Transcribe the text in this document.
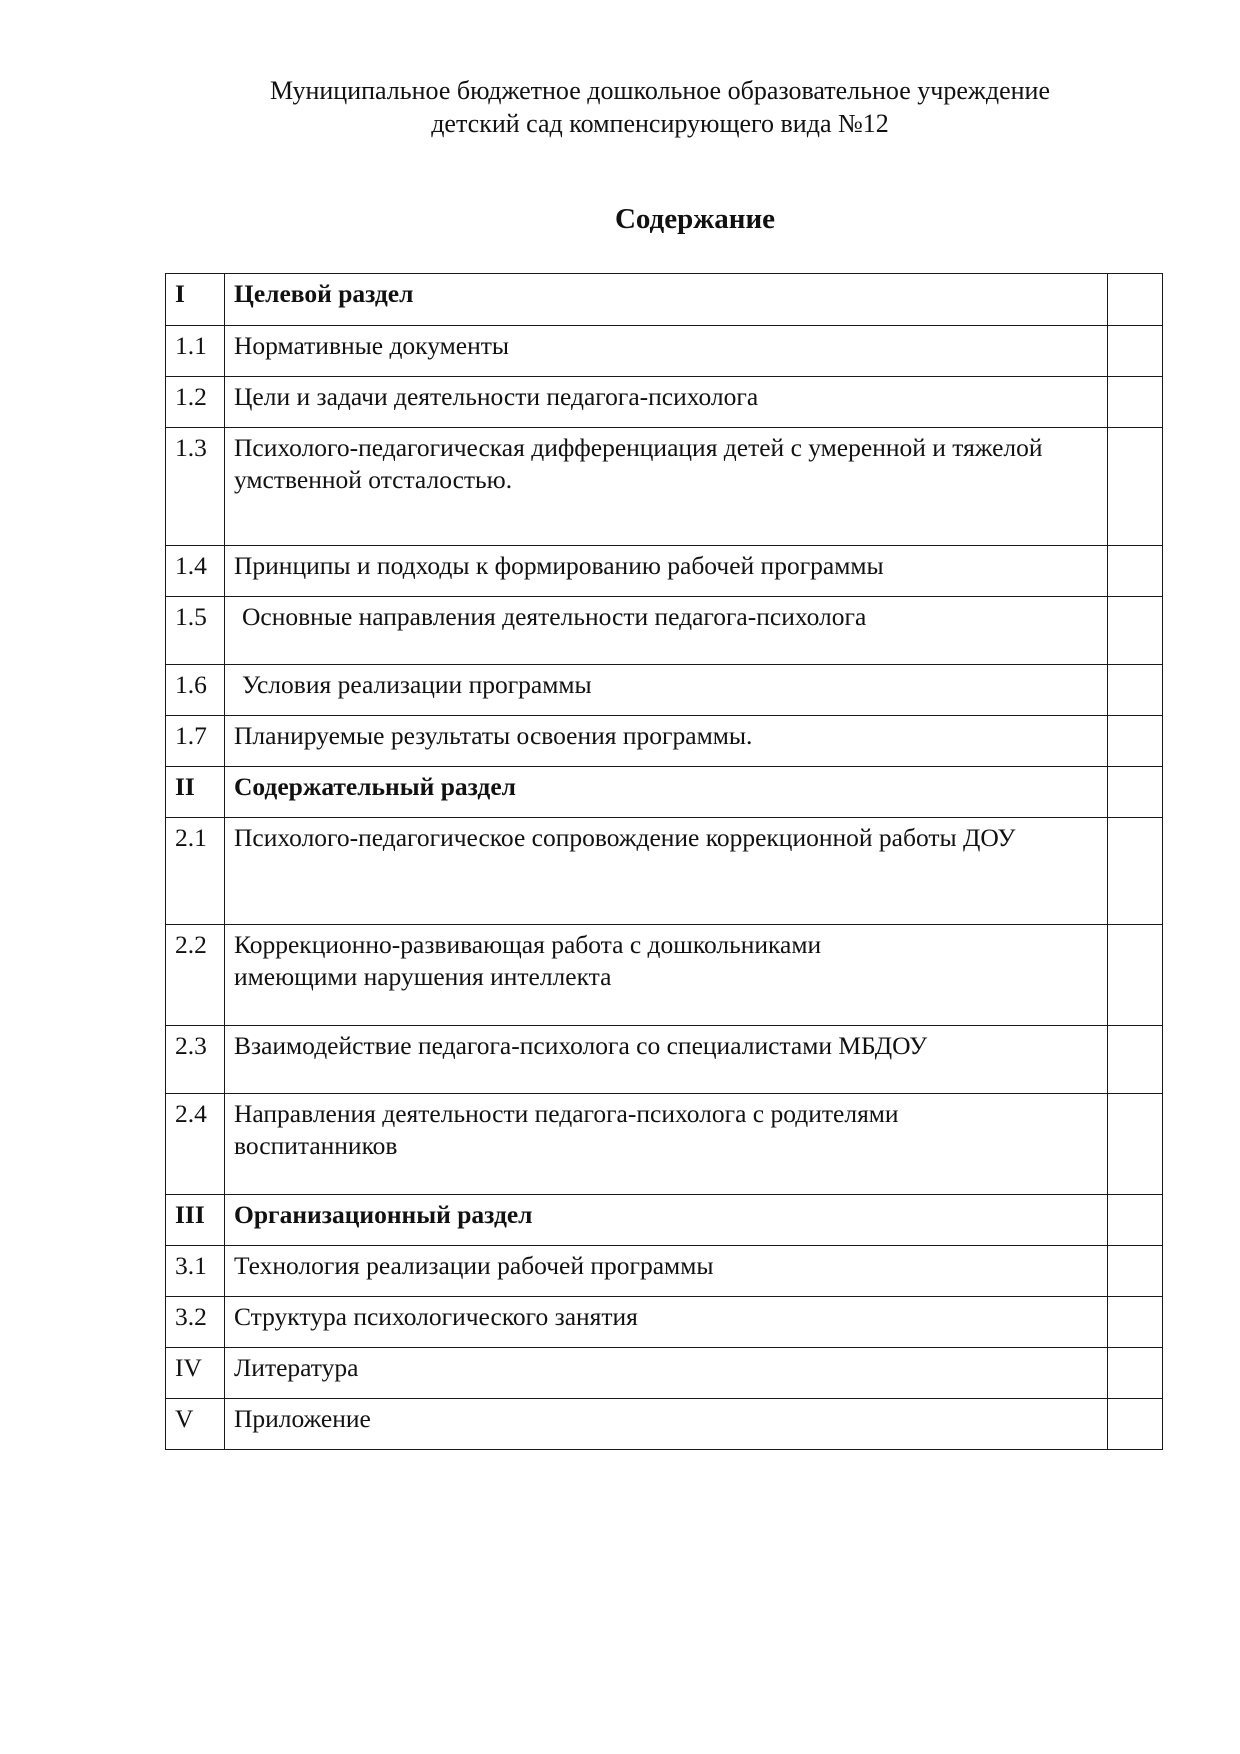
Муниципальное бюджетное дошкольное образовательное учреждение
детский сад компенсирующего вида №12
Содержание
I	Целевой раздел	
1.1	Нормативные документы	
1.2	Цели и задачи деятельности педагога-психолога	
1.3	Психолого-педагогическая дифференциация детей с умеренной и тяжелой умственной отсталостью.	
1.4	Принципы и подходы к формированию рабочей программы	
1.5	Основные направления деятельности педагога-психолога	
1.6	Условия реализации программы	
1.7	Планируемые результаты освоения программы.	
II	Содержательный раздел	
2.1	Психолого-педагогическое сопровождение коррекционной работы ДОУ	
2.2	Коррекционно-развивающая работа с дошкольниками имеющими нарушения интеллекта	

2.3	Взаимодействие педагога-психолога со специалистами МБДОУ	
2.4	Направления деятельности педагога-психолога с родителями воспитанников	

III	Организационный раздел	
3.1	Технология реализации рабочей программы	
3.2	Структура психологического занятия	
IV	Литература	
V	Приложение	
